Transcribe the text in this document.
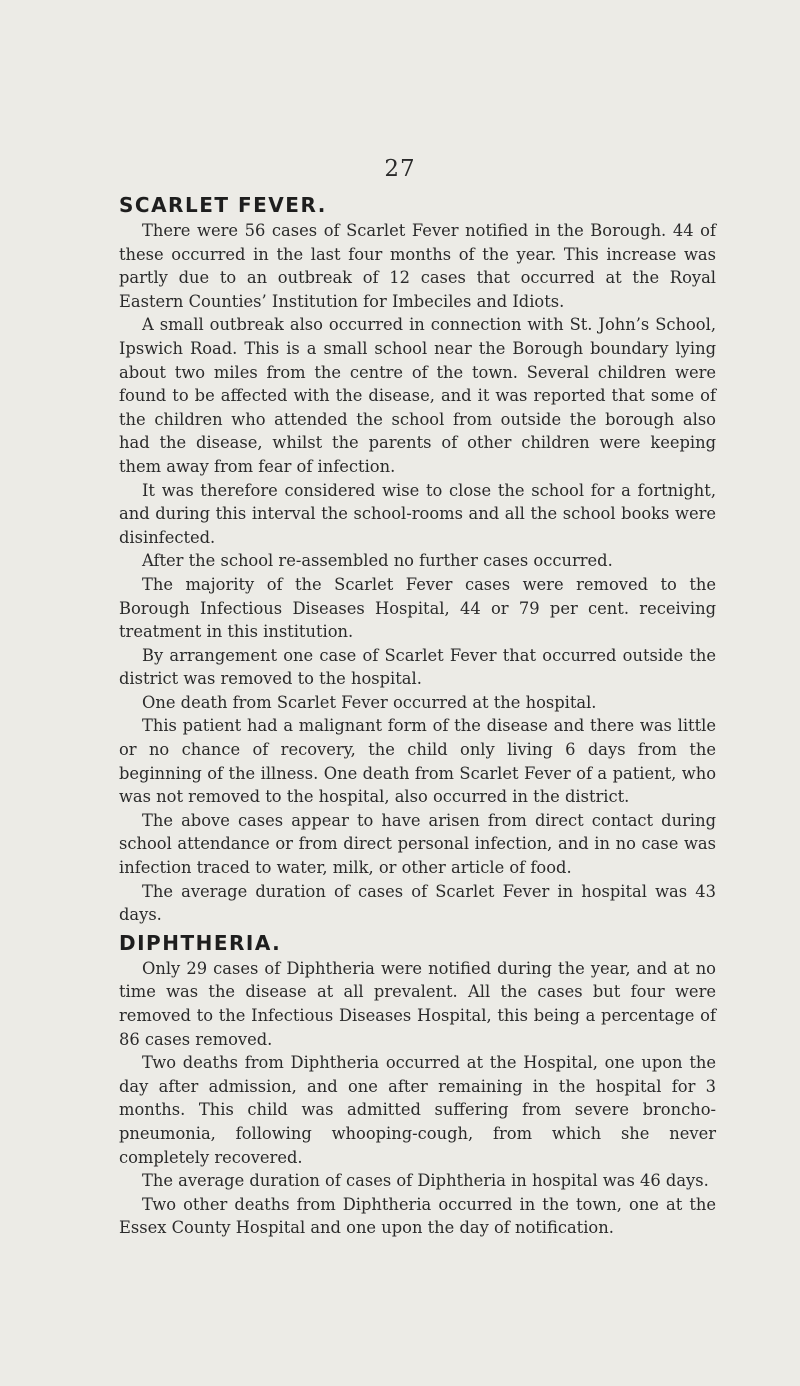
27
SCARLET FEVER.

There were 56 cases of Scarlet Fever notified in the Borough. 44 of these occurred in the last four months of the year. This increase was partly due to an outbreak of 12 cases that occurred at the Royal Eastern Counties’ Institution for Imbeciles and Idiots.

A small outbreak also occurred in connection with St. John’s School, Ipswich Road. This is a small school near the Borough boundary lying about two miles from the centre of the town. Several children were found to be affected with the disease, and it was reported that some of the children who attended the school from outside the borough also had the disease, whilst the parents of other children were keeping them away from fear of infection.

It was therefore considered wise to close the school for a fortnight, and during this interval the school-rooms and all the school books were disinfected.

After the school re-assembled no further cases occurred.

The majority of the Scarlet Fever cases were removed to the Borough Infectious Diseases Hospital, 44 or 79 per cent. receiving treatment in this institution.

By arrangement one case of Scarlet Fever that occurred outside the district was removed to the hospital.

One death from Scarlet Fever occurred at the hospital.

This patient had a malignant form of the disease and there was little or no chance of recovery, the child only living 6 days from the beginning of the illness. One death from Scarlet Fever of a patient, who was not removed to the hospital, also occurred in the district.

The above cases appear to have arisen from direct contact during school attendance or from direct personal infection, and in no case was infection traced to water, milk, or other article of food.

The average duration of cases of Scarlet Fever in hospital was 43 days.

DIPHTHERIA.

Only 29 cases of Diphtheria were notified during the year, and at no time was the disease at all prevalent. All the cases but four were removed to the Infectious Diseases Hospital, this being a percentage of 86 cases removed.

Two deaths from Diphtheria occurred at the Hospital, one upon the day after admission, and one after remaining in the hospital for 3 months. This child was admitted suffering from severe broncho-pneumonia, following whooping-cough, from which she never completely recovered.

The average duration of cases of Diphtheria in hospital was 46 days.

Two other deaths from Diphtheria occurred in the town, one at the Essex County Hospital and one upon the day of notification.
